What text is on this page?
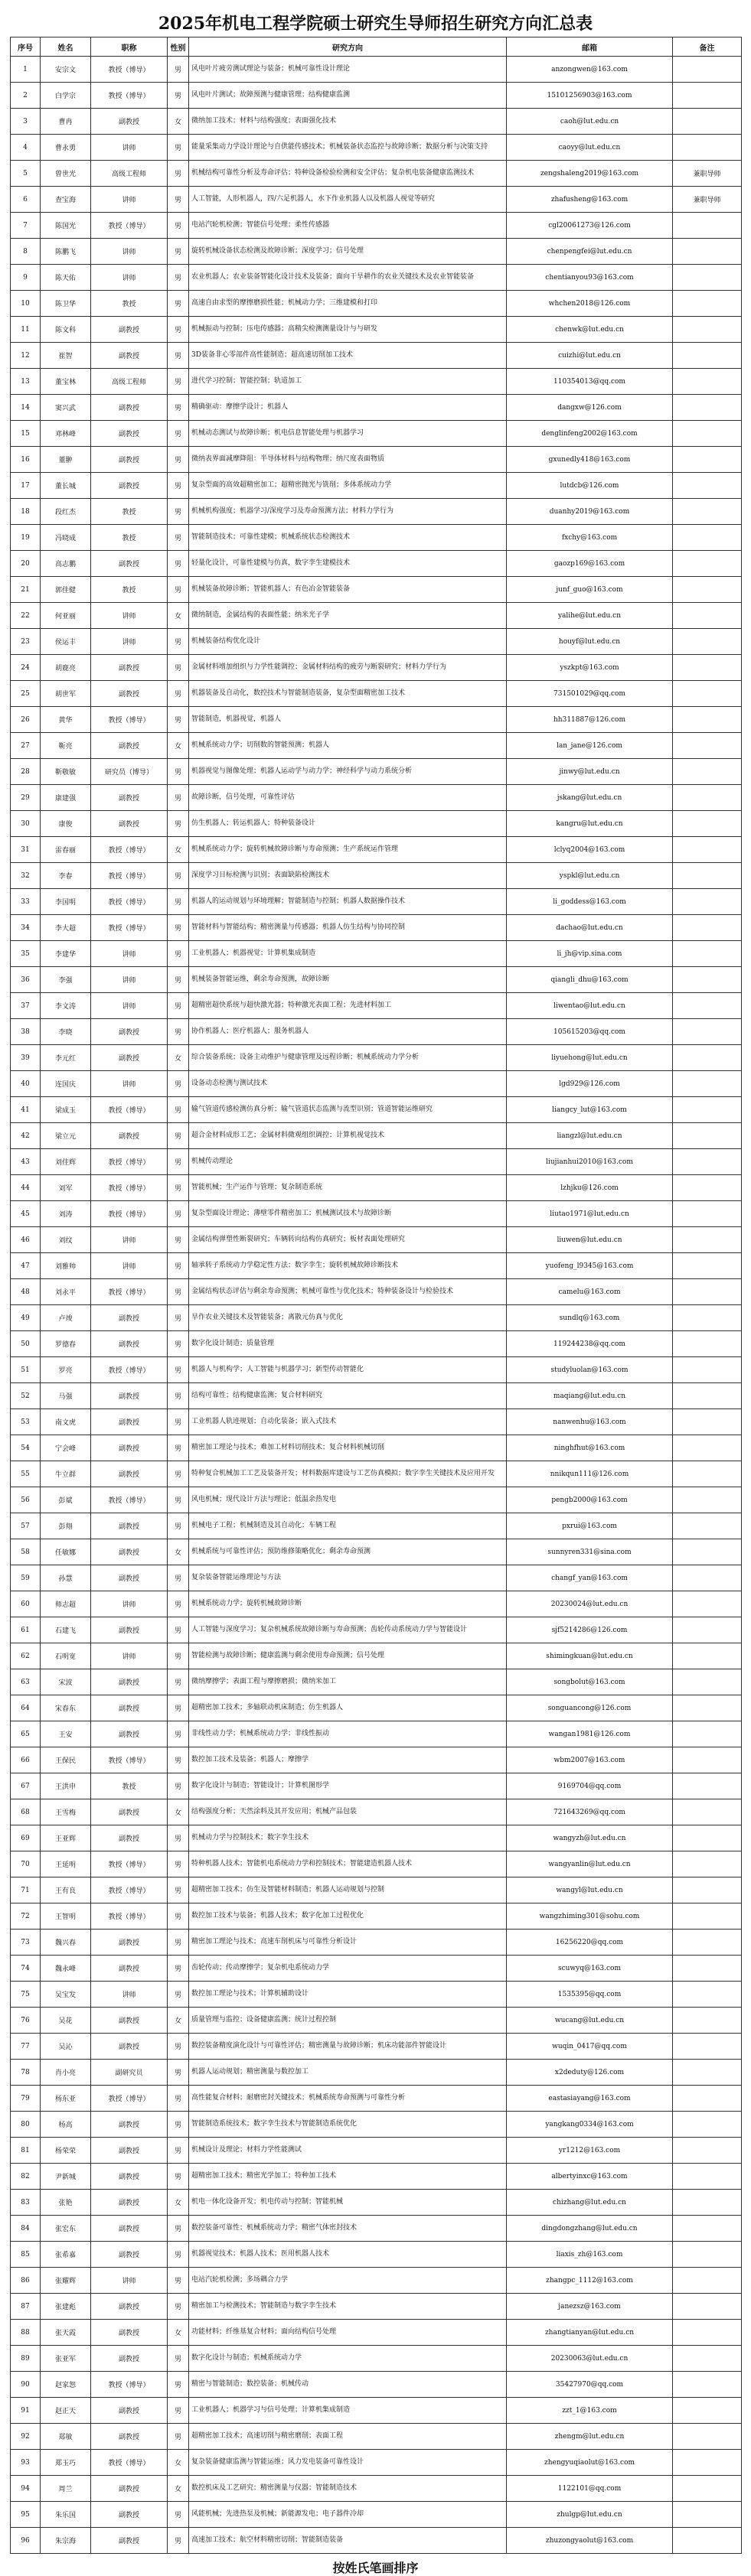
2025年机电工程学院硕士研究生导师招生研究方向汇总表
序号	姓名	职称	性别	研究方向	邮箱	备注
1	安宗文	教授（博导）	男	风电叶片疲劳测试理论与装备；机械可靠性设计理论	anzongwen@163.com	
2	白学宗	教授（博导）	男	风电叶片测试；故障预测与健康管理；结构健康监测	15101256903@163.com	
3	曹冉	副教授	女	微纳加工技术；材料与结构强度；表面强化技术	caoh@lut.edu.cn	
4	曹永勇	讲师	男	能量采集动力学设计理论与自供能传感技术；机械装备状态监控与故障诊断；数据分析与决策支持	caoyy@lut.edu.cn	
5	曾世光	高级工程师	男	机械结构可靠性分析及寿命评估；特种设备检验检测和安全评估；复杂机电装备健康监测技术	zengshaleng2019@163.com	兼职导师
6	查宝海	讲师	男	人工智能，人形机器人，四/六足机器人，水下作业机器人以及机器人视觉等研究	zhafusheng@163.com	兼职导师
7	陈国光	教授（博导）	男	电站汽轮机检测；智能信号处理；柔性传感器	cgl20061273@126.com	
8	陈鹏飞	讲师	男	旋转机械设备状态检测及故障诊断；深度学习；信号处理	chenpengfei@lut.edu.cn	
9	陈天佑	讲师	男	农业机器人；农业装备智能化设计技术及装备；面向干旱耕作的农业关键技术及农业智能装备	chentianyou93@163.com	
10	陈卫华	教授	男	高速自由求型的摩擦磨损性能；机械动力学；三维建模和打印	whchen2018@126.com	
11	陈文科	副教授	男	机械振动与控制；压电传感器；高精尖检测测量设计与与研发	chenwk@lut.edu.cn	
12	崔智	副教授	男	3D装备非心零部件高性能制造；超高速切削加工技术	cuizhi@lut.edu.cn	
13	董宝林	高级工程师	男	进代学习控制；智能控制；轨道加工	110354013@qq.com	
14	窦兴武	副教授	男	精确驱动：摩擦学设计；机器人	dangxw@126.com	
15	邓林峰	副教授	男	机械动态测试与故障诊断；机电信息智能处理与机器学习	denglinfeng2002@163.com	
16	董翀	副教授	男	微纳表界面减摩降阻：半导体材料与结构物理；纳尺度表面物质	gxunedly418@163.com	
17	董长城	副教授	男	复杂型面的高效超精密加工；超精密抛光与铣削；多体系统动力学	lutdcb@126.com	
18	段红杰	教授	男	机械机构强度；机器学习/深度学习及寿命预测方法；材料力学行为	duanhy2019@163.com	
19	冯晓成	教授	男	智能制造技术；可靠性建模；机械系统状态检测技术	fxchy@163.com	
20	高志鹏	副教授	男	轻量化设计，可靠性建模与仿真，数字孪生建模技术	gaozp169@163.com	
21	郭佳健	教授	男	机械装备故障诊断；智能机器人；有色冶金智能装备	junf_guo@163.com	
22	何亚丽	讲师	女	微纳制造，金属结构的表面性能；纳米光子学	yalihe@lut.edu.cn	
23	侯运丰	讲师	男	机械装备结构优化设计	houyf@lut.edu.cn	
24	胡鹿亮	副教授	男	金属材料增加组织与力学性能调控；金属材料结构的疲劳与断裂研究；材料力学行为	yszkpt@163.com	
25	胡世军	副教授	男	机器装备及自动化，数控技术与智能制造装备，复杂型面精密加工技术	731501029@qq.com	
26	黄华	教授（博导）	男	智能制造，机器视觉，机器人	hh311887@126.com	
27	靳亮	副教授	女	机械系统动力学；切削数的智能预测；机器人	lan_jane@126.com	
28	靳敬敏	研究员（博导）	男	机器视觉与图像处理；机器人运动学与动力学；神经科学与动力系统分析	jinwy@lut.edu.cn	
29	康建强	副教授	男	故障诊断，信号处理，可靠性评估	jskang@lut.edu.cn	
30	康俊	副教授	男	仿生机器人；转运机器人；特种装备设计	kangru@lut.edu.cn	
31	雷春丽	教授（博导）	女	机械系统动力学；旋转机械故障诊断与寿命预测；生产系统运作管理	lclyq2004@163.com	
32	李春	教授（博导）	男	深度学习目标检测与识别；表面缺陷检测技术	yspkl@lut.edu.cn	
33	李国明	教授（博导）	男	机器人的运动规划与环境理解；智能制造与控制；机器人数据操作技术	li_goddess@163.com	
34	李大超	教授（博导）	男	智能材料与智能结构；精密测量与传感器；机器人仿生结构与协同控制	dachao@lut.edu.cn	
35	李建华	讲师	男	工业机器人；机器视觉；计算机集成制造	li_jh@vip.sina.com	
36	李强	讲师	男	机械装备智能运维，剩余寿命预测，故障诊断	qiangli_dhu@163.com	
37	李文涛	讲师	男	超精密超快系统与超快激光器；特种激光表面工程；先进材料加工	liwentao@lut.edu.cn	
38	李晓	副教授	男	协作机器人；医疗机器人；服务机器人	105615203@qq.com	
39	李元红	副教授	女	综合装备系统；设备主动维护与健康管理及远程诊断；机械系统动力学分析	liyuehong@lut.edu.cn	
40	连国庆	讲师	男	设备动态检测与测试技术	lgd929@126.com	
41	梁成玉	教授（博导）	男	输气管道传感检测仿真分析；输气管道状态监测与流型识别；管道智能运维研究	liangcy_lut@163.com	
42	梁立元	副教授	男	超合金材料成形工艺；金属材料微观组织调控；计算机视觉技术	liangzl@lut.edu.cn	
43	刘佳辉	教授（博导）	男	机械传动理论	liujianhui2010@163.com	
44	刘军	教授（博导）	男	智能机械；生产运作与管理；复杂制造系统	lzhjku@126.com	
45	刘涛	教授（博导）	男	复杂型面设计理论；薄壁零件精密加工；机械测试技术与故障诊断	liutao1971@lut.edu.cn	
46	刘纹	讲师	男	金属结构弹塑性断裂研究；车辆转向结构仿真研究；板材表面处理研究	liuwen@lut.edu.cn	
47	刘雅帅	讲师	男	轴承转子系统动力学稳定性方法；数字孪生；旋转机械故障诊断技术	yuofeng_l9345@163.com	
48	刘永平	教授（博导）	男	金属结构状态评估与剩余寿命预测；机械可靠性与优化技术；特种装备设计与检验技术	camelu@163.com	
49	卢竣	副教授	男	旱作农业关键技术及智能装备；离散元仿真与优化	sundlq@163.com	
50	罗德春	副教授	男	数字化设计制造；质量管理	119244238@qq.com	
51	罗亮	教授（博导）	男	机器人与机构学；人工智能与机器学习；新型传动智能化	studyluolan@163.com	
52	马强	副教授	男	结构可靠性；结构健康监测；复合材料研究	maqiang@lut.edu.cn	
53	南文虎	副教授	男	工业机器人轨迹规划；自动化装备；嵌入式技术	nanwenhu@163.com	
54	宁会峰	副教授	男	精密加工理论与技术；难加工材料切削技术；复合材料机械切削	ninghfhut@163.com	
55	牛立群	副教授	男	特种复合机械加工工艺及装备开发；材料数据库建设与工艺仿真模拟；数字孪生关键技术及应用开发	nnikqun111@126.com	
56	彭斌	教授（博导）	男	风电机械；现代设计方法与理论；低温余热发电	pengb2000@163.com	
57	彭翔	副教授	男	机械电子工程；机械制造及其自动化；车辆工程	pxrui@163.com	
58	任敏娜	副教授	女	机械系统与可靠性评估；预防维修策略优化；剩余寿命预测	sunnyren331@sina.com	
59	孙慧	副教授	男	复杂装备智能运维理论与方法	changf_yan@163.com	
60	师志超	讲师	男	机械系统动力学；旋转机械故障诊断	20230024@lut.edu.cn	
61	石建飞	副教授	男	人工智能与深度学习；复杂机械系统故障诊断与寿命预测；齿轮传动系统动力学与智能设计	sjf5214286@126.com	
62	石明宽	讲师	男	智能检测与故障诊断；健康监测与剩余使用寿命预测；信号处理	shimingkuan@lut.edu.cn	
63	宋波	副教授	男	微纳摩擦学；表面工程与摩擦磨损；微纳米加工	songbolut@163.com	
64	宋春东	副教授	男	超精密加工技术；多轴联动机床制造；仿生机器人	songuancong@126.com	
65	王安	副教授	男	非线性动力学；机械系统动力学；非线性振动	wangan1981@126.com	
66	王保民	教授（博导）	男	数控加工技术及装备；机器人；摩擦学	wbm2007@163.com	
67	王洪申	教授	男	数字化设计与制造；智能设计；计算机图形学	9169704@qq.com	
68	王雪梅	副教授	女	结构强度分析；天然涂料及其开发应用；机械产品包装	721643269@qq.com	
69	王亚辉	副教授	男	机械动力学与控制技术；数字孪生技术	wangyzh@lut.edu.cn	
70	王延明	教授（博导）	男	特种机器人技术；智能机电系统动力学和控制技术；智能建造机器人技术	wangyanlin@lut.edu.cn	
71	王有良	教授（博导）	男	超精密加工技术；仿生及智能材料制造；机器人运动规划与控制	wangyl@lut.edu.cn	
72	王智明	教授（博导）	男	数控加工技术与装备；机器人技术；数字化加工过程优化	wangzhiming301@sohu.com	
73	魏兴春	副教授	男	精密加工理论与技术；高速车削机床与可靠性分析设计	16256220@qq.com	
74	魏永峰	副教授	男	齿轮传动；传动摩擦学；复杂机电系统动力学	scuwyq@163.com	
75	吴宝发	讲师	男	数控加工理论与技术；计算机辅助设计	1535395@qq.com	
76	吴花	副教授	女	质量管理与监控；设备健康监测；统计过程控制	wucang@lut.edu.cn	
77	吴沁	副教授	男	数控装备精度演化设计与可靠性评估；精密测量与故障诊断；机床功能部件智能设计	wuqin_0417@qq.com	
78	肖小亮	副研究员	男	机器人运动规划；精密测量与数控加工	x2deduty@126.com	
79	杨东亚	教授（博导）	男	高性能复合材料；耐磨密封关键技术；机械系统寿命预测与可靠性分析	eastasiayang@163.com	
80	杨高	副教授	男	智能制造系统技术；数字孪生技术与智能制造系统优化	yangkang0334@163.com	
81	杨荣荣	副教授	男	机械设计及理论；材料力学性能测试	yr1212@163.com	
82	尹新城	副教授	男	超精密加工技术；精密光学加工；特种加工技术	albertyinxc@163.com	
83	张艳	副教授	女	机电一体化设备开发；机电传动与控制；智能机械	chizhang@lut.edu.cn	
84	张宏东	副教授	男	数控装备可靠性；机械系统动力学；精密气体密封技术	dingdongzhang@lut.edu.cn	
85	张希嘉	副教授	男	机器视觉技术；机器人技术；医用机器人技术	liaxis_zh@163.com	
86	张耀辉	讲师	男	电站汽轮机检测；多场耦合力学	zhangpc_1112@163.com	
87	张建彪	副教授	男	精密加工与检测技术；智能制造与数字孪生技术	janezsz@163.com	
88	张天霞	副教授	女	功能材料；纤维基复合材料；面向结构信号处理	zhangtianyan@lut.edu.cn	
89	张亚军	副教授	男	数字化设计与制造；机械系统动力学	20230063@lut.edu.cn	
90	赵家恕	教授（博导）	男	精密与智能制造；数控装备；机械传动	35427970@qq.com	
91	赵正天	副教授	男	工业机器人；机器学习与信号处理；计算机集成制造	zzt_1@163.com	
92	郑敏	副教授	男	超精密加工技术；高速切削与精密磨削；表面工程	zhengm@lut.edu.cn	
93	郑玉巧	教授（博导）	女	复杂装备健康监测与智能运维；风力发电装备可靠性设计	zhengyuqiaolut@163.com	
94	周兰	副教授	女	数控机床及工艺研究；精密测量与仪器；智能制造技术	1122101@qq.com	
95	朱乐国	副教授	男	风能机械；先进热泵及机械；新能源发电；电子器件冷却	zhulgp@lut.edu.cn	
96	朱宗海	副教授	男	高速加工技术；航空材料精密切削；智能制造装备	zhuzongyaolut@163.com	
按姓氏笔画排序
